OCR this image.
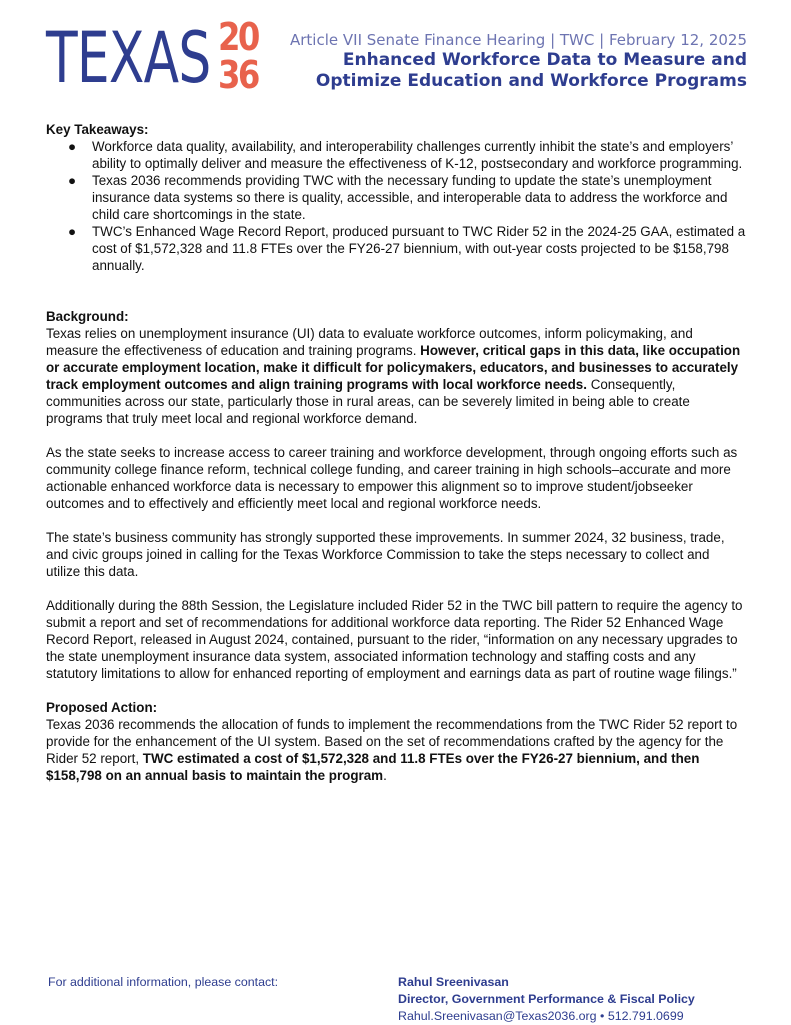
TEXAS 20
36
Article VII Senate Finance Hearing | TWC | February 12, 2025
Enhanced Workforce Data to Measure and
Optimize Education and Workforce Programs
Key Takeaways:
● Workforce data quality, availability, and interoperability challenges currently inhibit the state’s and employers’ ability to optimally deliver and measure the effectiveness of K-12, postsecondary and workforce programming.
● Texas 2036 recommends providing TWC with the necessary funding to update the state’s unemployment insurance data systems so there is quality, accessible, and interoperable data to address the workforce and child care shortcomings in the state.
● TWC’s Enhanced Wage Record Report, produced pursuant to TWC Rider 52 in the 2024-25 GAA, estimated a cost of $1,572,328 and 11.8 FTEs over the FY26-27 biennium, with out-year costs projected to be $158,798 annually.
Background:

Texas relies on unemployment insurance (UI) data to evaluate workforce outcomes, inform policymaking, and measure the effectiveness of education and training programs. However, critical gaps in this data, like occupation or accurate employment location, make it difficult for policymakers, educators, and businesses to accurately track employment outcomes and align training programs with local workforce needs. Consequently, communities across our state, particularly those in rural areas, can be severely limited in being able to create programs that truly meet local and regional workforce demand.

As the state seeks to increase access to career training and workforce development, through ongoing efforts such as community college finance reform, technical college funding, and career training in high schools–accurate and more actionable enhanced workforce data is necessary to empower this alignment so to improve student/jobseeker outcomes and to effectively and efficiently meet local and regional workforce needs.

The state’s business community has strongly supported these improvements. In summer 2024, 32 business, trade, and civic groups joined in calling for the Texas Workforce Commission to take the steps necessary to collect and utilize this data.

Additionally during the 88th Session, the Legislature included Rider 52 in the TWC bill pattern to require the agency to submit a report and set of recommendations for additional workforce data reporting. The Rider 52 Enhanced Wage Record Report, released in August 2024, contained, pursuant to the rider, “information on any necessary upgrades to the state unemployment insurance data system, associated information technology and staffing costs and any statutory limitations to allow for enhanced reporting of employment and earnings data as part of routine wage filings.”

Proposed Action:

Texas 2036 recommends the allocation of funds to implement the recommendations from the TWC Rider 52 report to provide for the enhancement of the UI system. Based on the set of recommendations crafted by the agency for the Rider 52 report, TWC estimated a cost of $1,572,328 and 11.8 FTEs over the FY26-27 biennium, and then $158,798 on an annual basis to maintain the program.

For additional information, please contact:	Rahul Sreenivasan
Director, Government Performance & Fiscal Policy
Rahul.Sreenivasan@Texas2036.org • 512.791.0699
